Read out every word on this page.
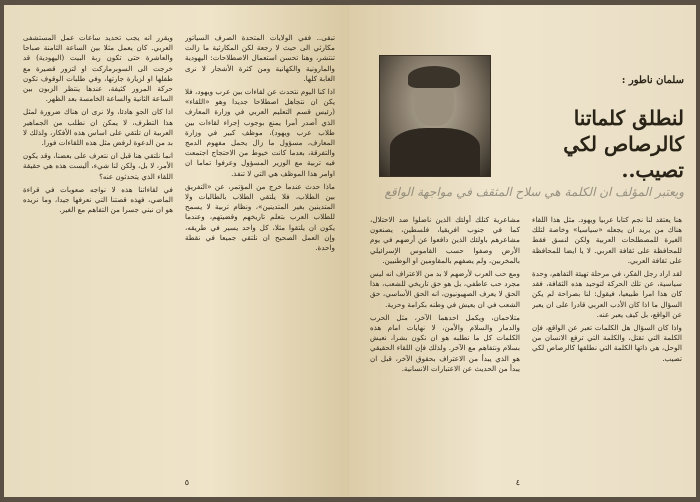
تبقى.. ففي الولايات المتحدة الصرف السياتور مكارثي الى حيث لا رجعة لكن المكارثية ما زالت تنتشر، وهنا تحسن استعمال الاصطلاحات: اليهودية والمارونية والكهانية ومن كثرة الأشجار لا نرى الغابة كلها.

اذا كنا اليوم نتحدث عن لقاءات بين عرب ويهود، فلا يكن ان نتجاهل اصطلاحا جديدا وهو «اللقاء» (رئيس قسم التعليم العربي في وزارة المعارف الذي أصدر أمرا يمنع بوجوب إجراء لقاءات بين طلاب عرب ويهود)، موظف كبير في وزارة المعارف، مسؤول ما زال يحمل مفهوم الدمج والتفرقة، بعدما كانت خيوط من الاحتجاج اجتمعت فيه تربية مع الوزير المسؤول وعرفوا تماما ان اوامر هذا الموظف هي التي لا تنفذ.

ماذا حدث عندما خرج من المؤتمر، عن «التفريق بين الطلاب، فلا يلتقي الطلاب بالطالبات ولا المتدينين بغير المتدينين»، ونظام تربية لا يسمح للطلاب العرب بتعلم تاريخهم وقضيتهم، وعندما يكون ان يلتقوا مثلا، كل واحد يسير في طريقه، وإن العمل الصحيح ان نلتقي جميعا في نقطة واحدة.

ويقرر انه يجب تحديد ساعات عمل المستشفى العربي. كان يعمل مثلا بين الساعة الثامنة صباحا والعاشرة حتى تكون ربة البيت (اليهودية) قد خرجت الى السوبرماركت او لتزور قصيرة مع طفلها او لزيارة جارتها، وفي طلبات الوقوف تكون حركة المرور كثيفة، عندها ينتظر الزبون بين الساعة الثانية والساعة الخامسة بعد الظهر.

اذا كان الجو هادئا، ولا نرى ان هناك ضرورة لمثل هذا التطرف، لا يمكن ان نطلب من الجماهير العربية ان تلتقي على اساس هذه الأفكار، ولذلك لا بد من الدعوة لرفض مثل هذه اللقاءات فورا.

انما نلتقي هنا قبل ان نتعرف على بعضنا، وقد يكون الأمر، لا بل، ولكن لنا شيء، أليست هذه هي حقيقة اللقاء الذي يتحدثون عنه؟

في لقاءاتنا هذه لا نواجه صعوبات في قراءة الماضي، فهذه قصتنا التي نعرفها جيدا، وما نريده هو ان نبني جسرا من التفاهم مع الغير.

٥
سلمان ناطور :
لنطلق كلماتنا
كالرصاص لكي
تصيب..
ويعتبر المؤلف ان الكلمة هي سلاح المثقف في مواجهة الواقع

هنا يعتقد لنا نجم كتابا عربيا ويهود. مثل هذا اللقاء هناك من يريد ان يجعله «سياسيا» وخاصة لتلك الغيرة للمصطلحات العربية ولكن لنسق فقط للمحافظة على ثقافة العربي. لا يا ايضا للمحافظة على ثقافة العربي.

لقد اراد رجل الفكر، في مرحلة تهيئة التفاهم، وحدة سياسية، عن تلك الحركة لتوحيد هذه الثقافة، فقد كان هذا امرا طبيعيا، فيقول: لنا بصراحة لم يكن السؤال ما اذا كان الأدب العربي قادرا على ان يعبر عن الواقع، بل كيف يعبر عنه.

واذا كان السؤال هل الكلمات تعبر عن الواقع، فإن الكلمة التي تقتل، والكلمة التي ترفع الانسان من الوحل، هي ذاتها الكلمة التي نطلقها كالرصاص لكي تصيب.

مشاعرية كتلك أولئك الذين ناضلوا ضد الاحتلال، كما في جنوب افريقيا، فلسطين، يصنعون مشاعرهم باولئك الذين دافعوا عن أرضهم في يوم الأرض وصفوا حسب القاموس الإسرائيلي بالمخربين، ولم يصفهم بالمقاومين او الوطنيين.

ومع حب العرب لأرضهم لا بد من الاعتراف انه ليس مجرد حب عاطفي، بل هو حق تاريخي للشعب، هذا الحق لا يعرف الصهيونيون، انه الحق الأساسي، حق الشعب في ان يعيش في وطنه بكرامة وحرية.

متلاحمان، ويكمل احدهما الآخر، مثل الحرب والدمار والسلام والأمن، لا نهايات امام هذه الكلمات كل ما نطلبه هو ان نكون بشرا، نعيش بسلام ونتفاهم مع الآخر. ولذلك فإن اللقاء الحقيقي هو الذي يبدأ من الاعتراف بحقوق الآخر، قبل ان يبدأ من الحديث عن الاعتبارات الانسانية.

٤
